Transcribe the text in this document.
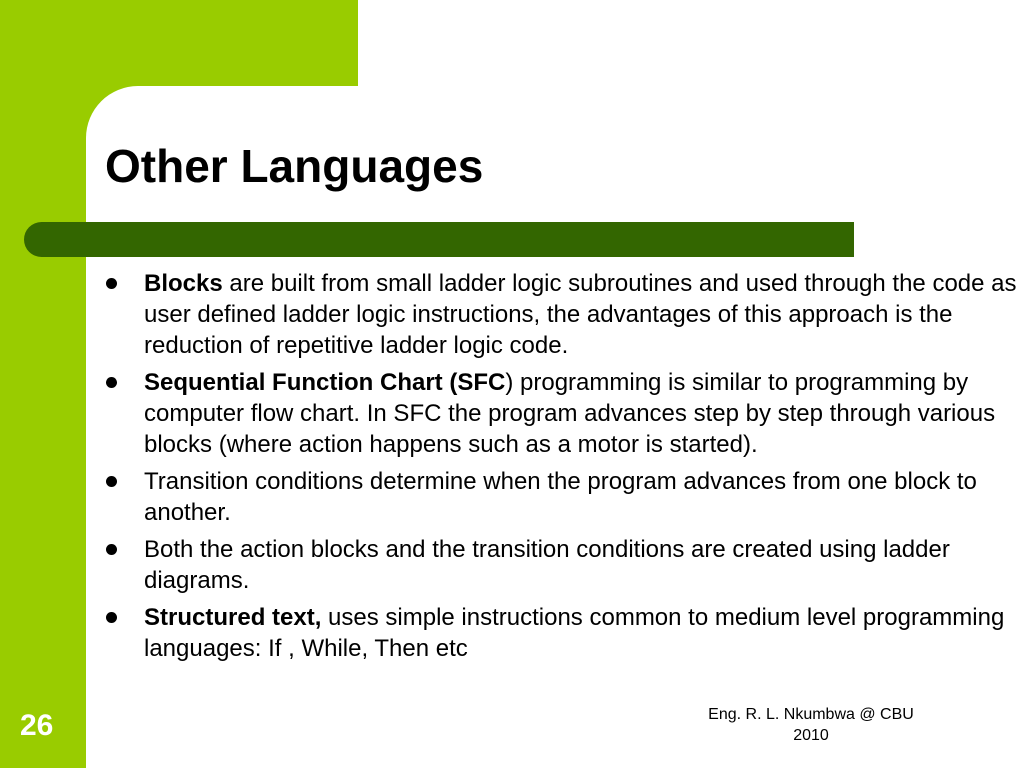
Other Languages
Blocks are built from small ladder logic subroutines and used through the code as user defined ladder logic instructions, the advantages of this approach is the reduction of repetitive ladder logic code.
Sequential Function Chart (SFC) programming is similar to programming by computer flow chart. In SFC the program advances step by step through various blocks (where action happens such as a motor is started).
Transition conditions determine when the program advances from one block to another.
Both the action blocks and the transition conditions are created using ladder diagrams.
Structured text, uses simple instructions common to medium level programming languages: If , While, Then etc
26	Eng. R. L. Nkumbwa @ CBU
2010
